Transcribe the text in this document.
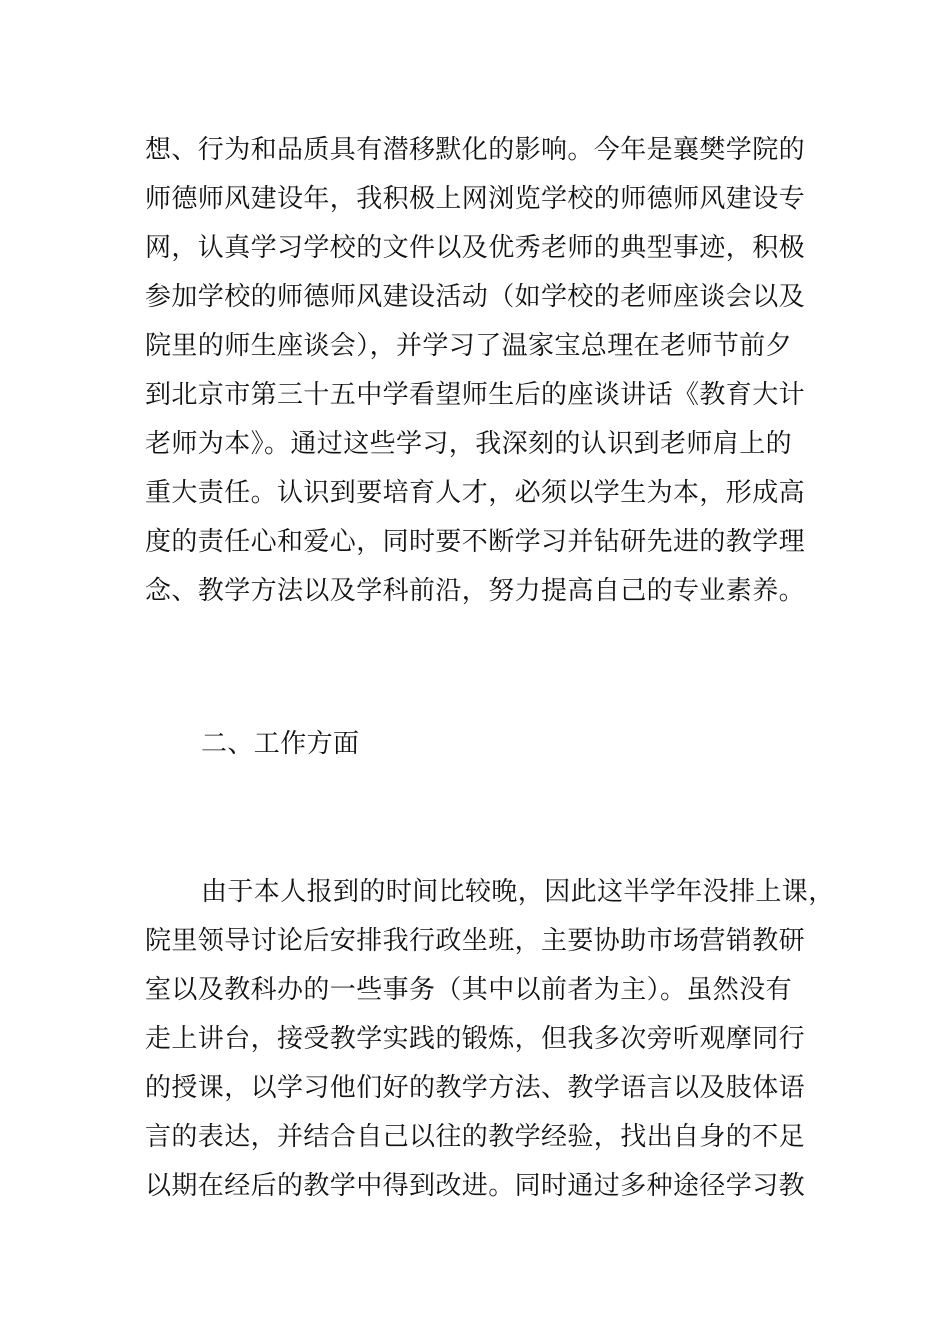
想、行为和品质具有潜移默化的影响。今年是襄樊学院的
师德师风建设年，我积极上网浏览学校的师德师风建设专
网，认真学习学校的文件以及优秀老师的典型事迹，积极
参加学校的师德师风建设活动（如学校的老师座谈会以及
院里的师生座谈会），并学习了温家宝总理在老师节前夕
到北京市第三十五中学看望师生后的座谈讲话《教育大计
老师为本》。通过这些学习，我深刻的认识到老师肩上的
重大责任。认识到要培育人才，必须以学生为本，形成高
度的责任心和爱心，同时要不断学习并钻研先进的教学理
念、教学方法以及学科前沿，努力提高自己的专业素养。
二、工作方面
由于本人报到的时间比较晚，因此这半学年没排上课，
院里领导讨论后安排我行政坐班，主要协助市场营销教研
室以及教科办的一些事务（其中以前者为主）。虽然没有
走上讲台，接受教学实践的锻炼，但我多次旁听观摩同行
的授课，以学习他们好的教学方法、教学语言以及肢体语
言的表达，并结合自己以往的教学经验，找出自身的不足
以期在经后的教学中得到改进。同时通过多种途径学习教
